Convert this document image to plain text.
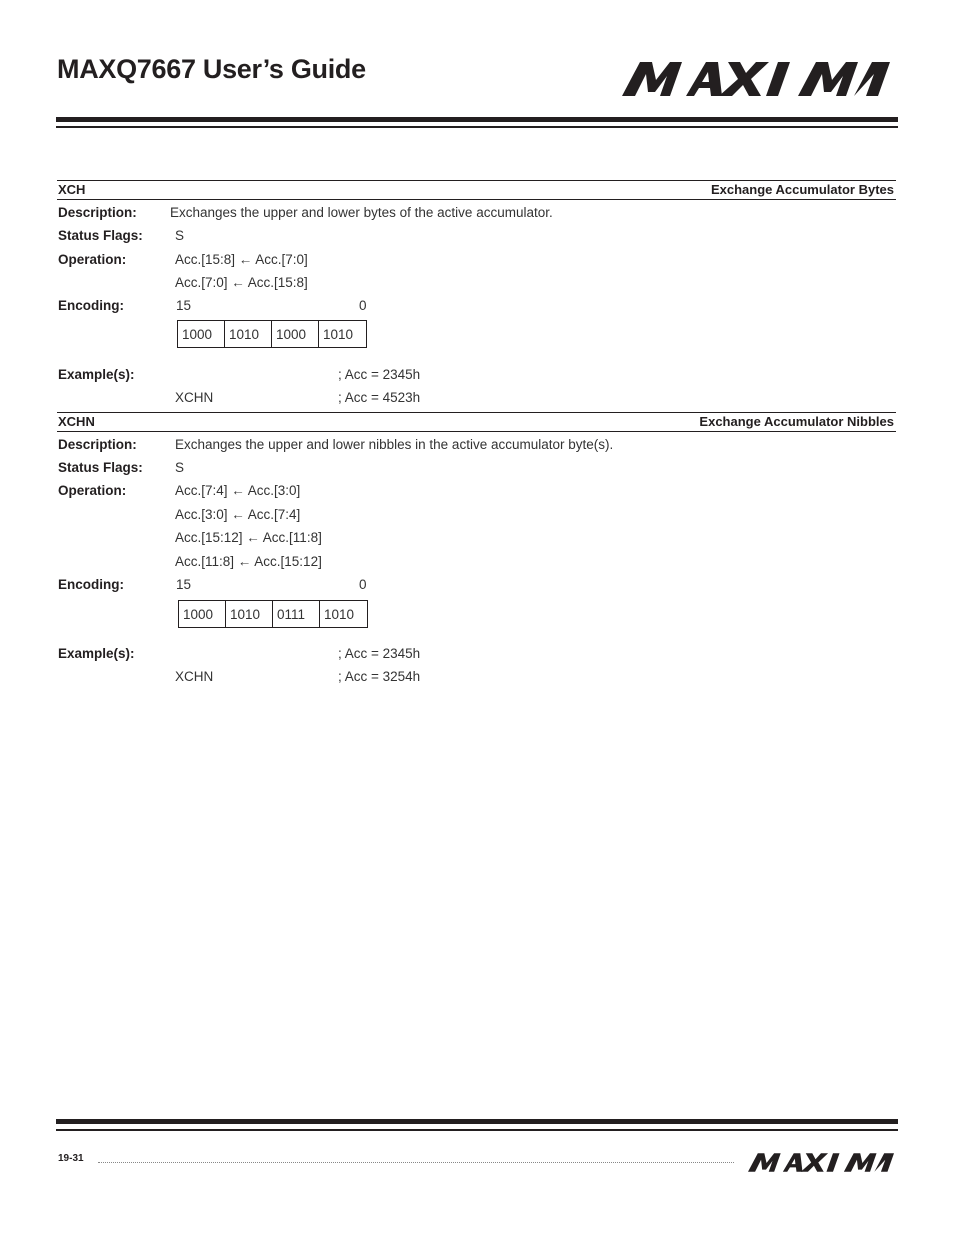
MAXQ7667 User’s Guide
XCH	Exchange Accumulator Bytes
Description: Exchanges the upper and lower bytes of the active accumulator.
Status Flags: S
Operation:	Acc.[15:8] ← Acc.[7:0]
Acc.[7:0] ← Acc.[15:8]
Encoding:	15	0
1000	1010	1000	1010
Example(s):	; Acc = 2345h
XCHN	; Acc = 4523h
XCHN	Exchange Accumulator Nibbles
Description:	Exchanges the upper and lower nibbles in the active accumulator byte(s).
Status Flags: S
Operation:	Acc.[7:4] ← Acc.[3:0]
Acc.[3:0] ← Acc.[7:4]
Acc.[15:12] ← Acc.[11:8]
Acc.[11:8] ← Acc.[15:12]
Encoding:	15	0
1000	1010	0111	1010
Example(s):	; Acc = 2345h
XCHN	; Acc = 3254h
19-31
